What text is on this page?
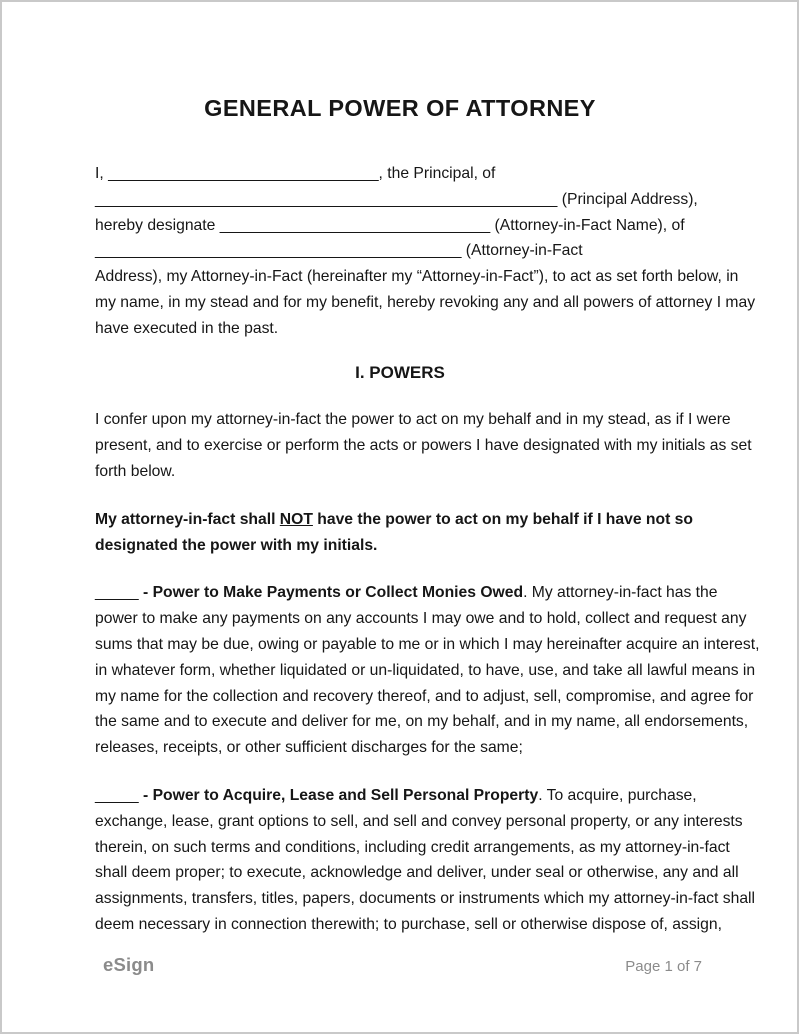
GENERAL POWER OF ATTORNEY
I, _______________________________, the Principal, of
_____________________________________________________ (Principal Address),
hereby designate _______________________________ (Attorney-in-Fact Name), of
__________________________________________ (Attorney-in-Fact
Address), my Attorney-in-Fact (hereinafter my “Attorney-in-Fact”), to act as set forth below, in
my name, in my stead and for my benefit, hereby revoking any and all powers of attorney I may
have executed in the past.
I. POWERS
I confer upon my attorney-in-fact the power to act on my behalf and in my stead, as if I were
present, and to exercise or perform the acts or powers I have designated with my initials as set
forth below.
My attorney-in-fact shall NOT have the power to act on my behalf if I have not so
designated the power with my initials.
_____ - Power to Make Payments or Collect Monies Owed. My attorney-in-fact has the
power to make any payments on any accounts I may owe and to hold, collect and request any
sums that may be due, owing or payable to me or in which I may hereinafter acquire an interest,
in whatever form, whether liquidated or un-liquidated, to have, use, and take all lawful means in
my name for the collection and recovery thereof, and to adjust, sell, compromise, and agree for
the same and to execute and deliver for me, on my behalf, and in my name, all endorsements,
releases, receipts, or other sufficient discharges for the same;
_____ - Power to Acquire, Lease and Sell Personal Property. To acquire, purchase,
exchange, lease, grant options to sell, and sell and convey personal property, or any interests
therein, on such terms and conditions, including credit arrangements, as my attorney-in-fact
shall deem proper; to execute, acknowledge and deliver, under seal or otherwise, any and all
assignments, transfers, titles, papers, documents or instruments which my attorney-in-fact shall
deem necessary in connection therewith; to purchase, sell or otherwise dispose of, assign,
eSign	Page 1 of 7
